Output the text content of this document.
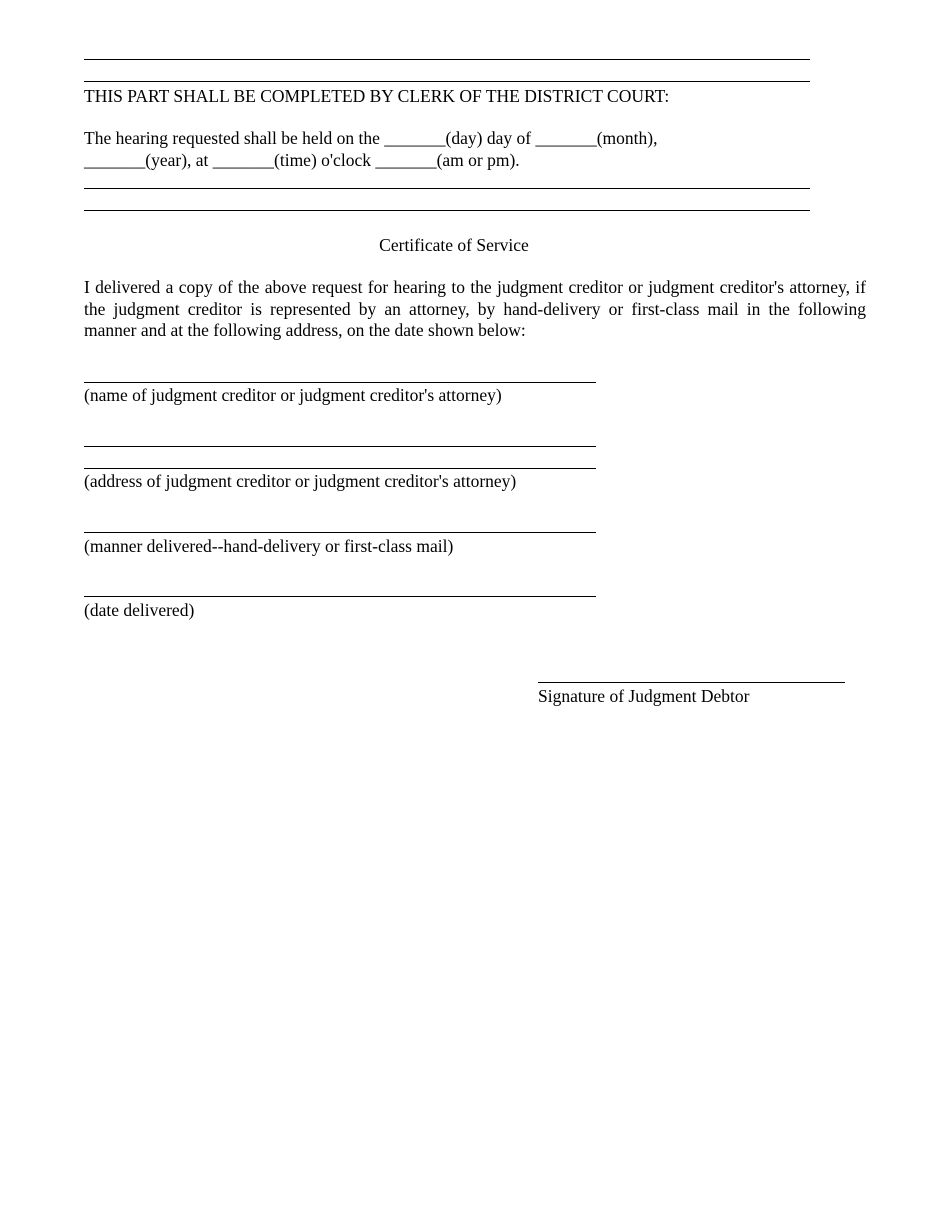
THIS PART SHALL BE COMPLETED BY CLERK OF THE DISTRICT COURT:
The hearing requested shall be held on the _______(day) day of _______(month),
_______(year), at _______(time) o'clock _______(am or pm).
Certificate of Service
I delivered a copy of the above request for hearing to the judgment creditor or judgment creditor's attorney, if the judgment creditor is represented by an attorney, by hand-delivery or first-class mail in the following manner and at the following address, on the date shown below:
(name of judgment creditor or judgment creditor's attorney)
(address of judgment creditor or judgment creditor's attorney)
(manner delivered--hand-delivery or first-class mail)
(date delivered)
Signature of Judgment Debtor
